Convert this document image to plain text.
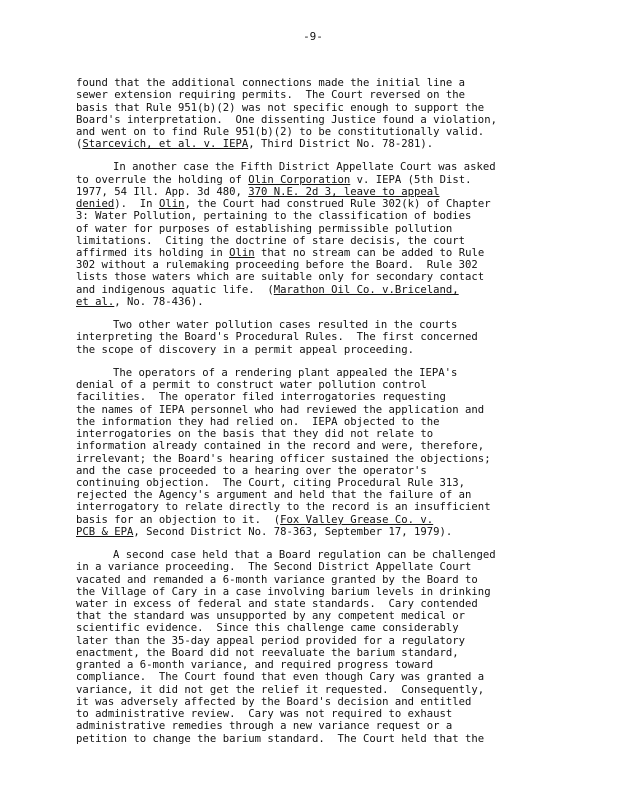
-9-
found that the additional connections made the initial line a
sewer extension requiring permits.  The Court reversed on the
basis that Rule 951(b)(2) was not specific enough to support the
Board's interpretation.  One dissenting Justice found a violation,
and went on to find Rule 951(b)(2) to be constitutionally valid.
(Starcevich, et al. v. IEPA, Third District No. 78-281).
In another case the Fifth District Appellate Court was asked
to overrule the holding of Olin Corporation v. IEPA (5th Dist.
1977, 54 Ill. App. 3d 480, 370 N.E. 2d 3, leave to appeal
denied).  In Olin, the Court had construed Rule 302(k) of Chapter
3: Water Pollution, pertaining to the classification of bodies
of water for purposes of establishing permissible pollution
limitations.  Citing the doctrine of stare decisis, the court
affirmed its holding in Olin that no stream can be added to Rule
302 without a rulemaking proceeding before the Board.  Rule 302
lists those waters which are suitable only for secondary contact
and indigenous aquatic life.  (Marathon Oil Co. v.Briceland,
et al., No. 78-436).
Two other water pollution cases resulted in the courts
interpreting the Board's Procedural Rules.  The first concerned
the scope of discovery in a permit appeal proceeding.
The operators of a rendering plant appealed the IEPA's
denial of a permit to construct water pollution control
facilities.  The operator filed interrogatories requesting
the names of IEPA personnel who had reviewed the application and
the information they had relied on.  IEPA objected to the
interrogatories on the basis that they did not relate to
information already contained in the record and were, therefore,
irrelevant; the Board's hearing officer sustained the objections;
and the case proceeded to a hearing over the operator's
continuing objection.  The Court, citing Procedural Rule 313,
rejected the Agency's argument and held that the failure of an
interrogatory to relate directly to the record is an insufficient
basis for an objection to it.  (Fox Valley Grease Co. v.
PCB & EPA, Second District No. 78-363, September 17, 1979).
A second case held that a Board regulation can be challenged
in a variance proceeding.  The Second District Appellate Court
vacated and remanded a 6-month variance granted by the Board to
the Village of Cary in a case involving barium levels in drinking
water in excess of federal and state standards.  Cary contended
that the standard was unsupported by any competent medical or
scientific evidence.  Since this challenge came considerably
later than the 35-day appeal period provided for a regulatory
enactment, the Board did not reevaluate the barium standard,
granted a 6-month variance, and required progress toward
compliance.  The Court found that even though Cary was granted a
variance, it did not get the relief it requested.  Consequently,
it was adversely affected by the Board's decision and entitled
to administrative review.  Cary was not required to exhaust
administrative remedies through a new variance request or a
petition to change the barium standard.  The Court held that the
